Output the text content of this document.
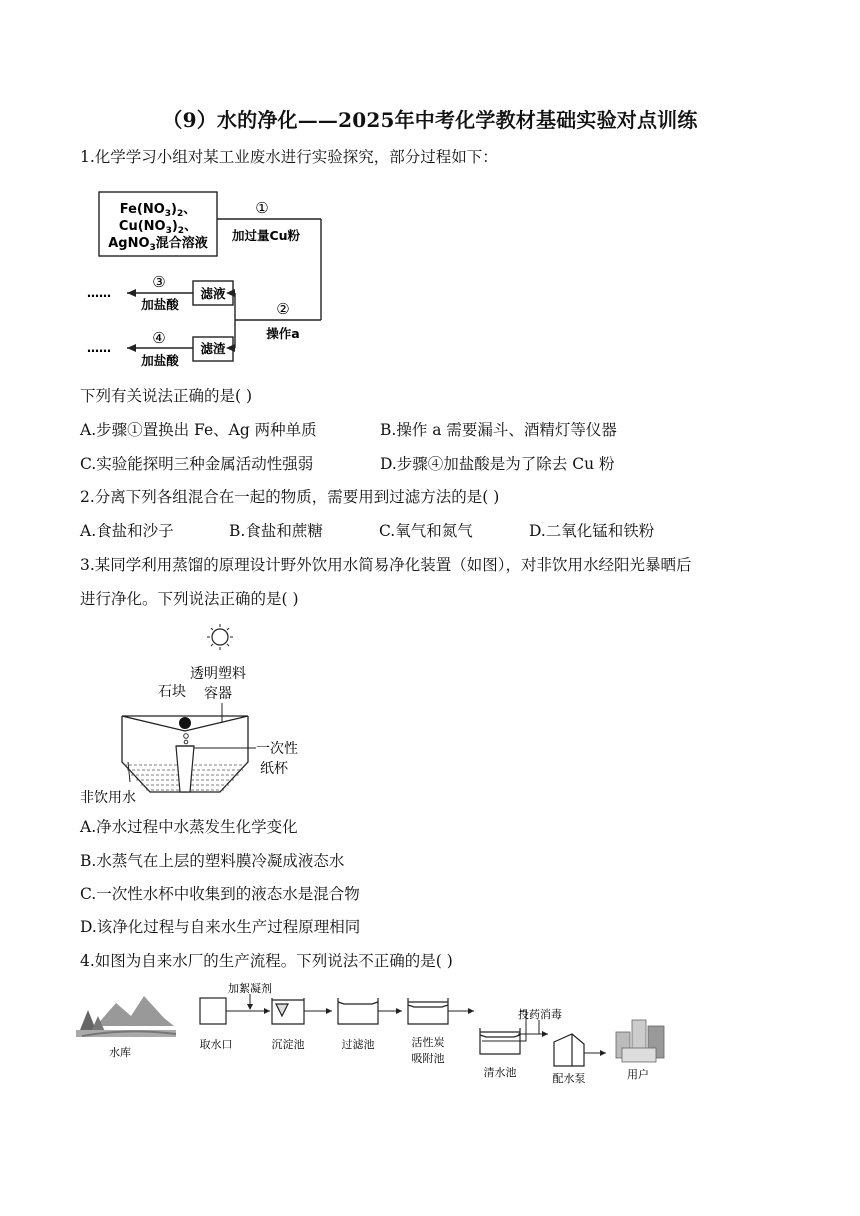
（9）水的净化——2025年中考化学教材基础实验对点训练
1.化学学习小组对某工业废水进行实验探究，部分过程如下：
$Fe(NO_3)_2$、
$Cu(NO_3)_2$、
AgNO$_3$混合溶液
①
加过量Cu粉
②
操作a
滤液
滤渣
③
④
加盐酸
加盐酸
……
……
下列有关说法正确的是( )
A.步骤①置换出 Fe、Ag 两种单质	B.操作 a 需要漏斗、酒精灯等仪器
C.实验能探明三种金属活动性强弱	D.步骤④加盐酸是为了除去 Cu 粉
2.分离下列各组混合在一起的物质，需要用到过滤方法的是( )
A.食盐和沙子	B.食盐和蔗糖	C.氧气和氮气	D.二氧化锰和铁粉
3.某同学利用蒸馏的原理设计野外饮用水简易净化装置（如图），对非饮用水经阳光暴晒后
进行净化。下列说法正确的是( )
石块
透明塑料
容器
一次性
纸杯
非饮用水
A.净水过程中水蒸发生化学变化
B.水蒸气在上层的塑料膜冷凝成液态水
C.一次性水杯中收集到的液态水是混合物
D.该净化过程与自来水生产过程原理相同
4.如图为自来水厂的生产流程。下列说法不正确的是( )
水库
取水口
加絮凝剂
沉淀池	过滤池	活性炭
吸附池
清水池
投药消毒
配水泵	用户
